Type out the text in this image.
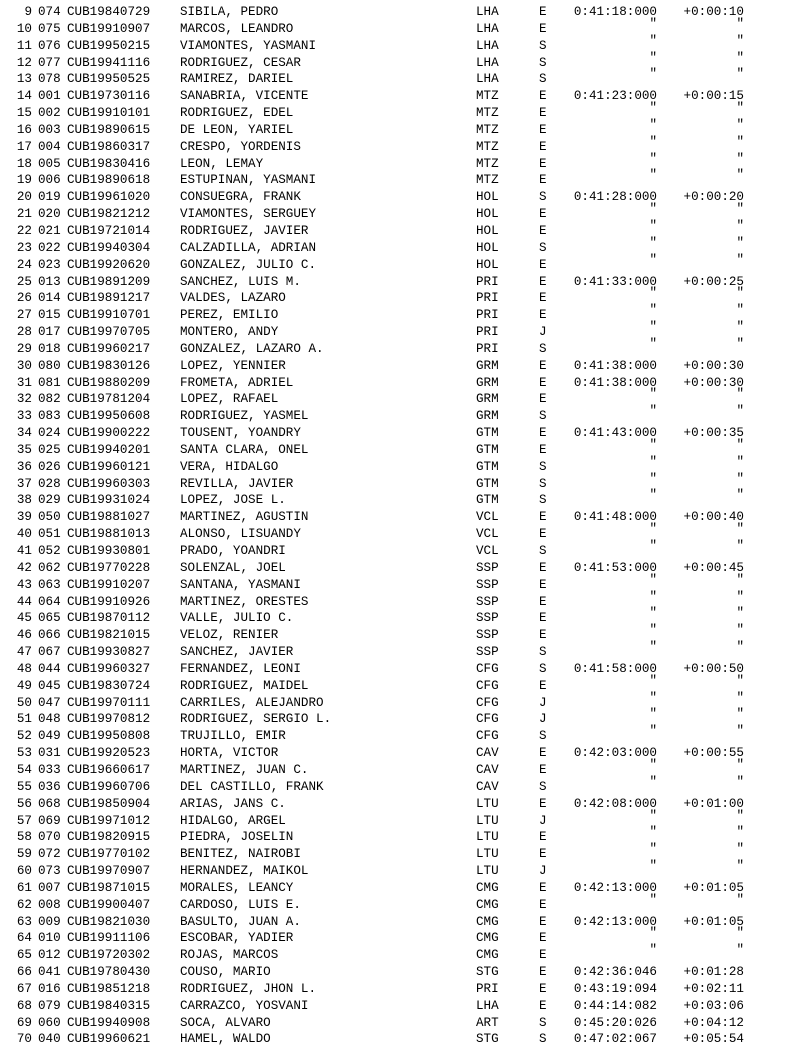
9 074 CUB19840729 SIBILA, PEDRO	LHA	E	0:41:18:000	+0:00:10
10 075 CUB19910907 MARCOS, LEANDRO	LHA	E	"	"
11 076 CUB19950215 VIAMONTES, YASMANI	LHA	S	"	"
12 077 CUB19941116 RODRIGUEZ, CESAR	LHA	S	"	"
13 078 CUB19950525 RAMIREZ, DARIEL	LHA	S	"	"
14 001 CUB19730116 SANABRIA, VICENTE	MTZ	E	0:41:23:000	+0:00:15
15 002 CUB19910101 RODRIGUEZ, EDEL	MTZ	E	"	"
16 003 CUB19890615 DE LEON, YARIEL	MTZ	E	"	"
17 004 CUB19860317 CRESPO, YORDENIS	MTZ	E	"	"
18 005 CUB19830416 LEON, LEMAY	MTZ	E	"	"
19 006 CUB19890618 ESTUPINAN, YASMANI	MTZ	E	"	"
20 019 CUB19961020 CONSUEGRA, FRANK	HOL	S	0:41:28:000	+0:00:20
21 020 CUB19821212 VIAMONTES, SERGUEY	HOL	E	"	"
22 021 CUB19721014 RODRIGUEZ, JAVIER	HOL	E	"	"
23 022 CUB19940304 CALZADILLA, ADRIAN	HOL	S	"	"
24 023 CUB19920620 GONZALEZ, JULIO C.	HOL	E	"	"
25 013 CUB19891209 SANCHEZ, LUIS M.	PRI	E	0:41:33:000	+0:00:25
26 014 CUB19891217 VALDES, LAZARO	PRI	E	"	"
27 015 CUB19910701 PEREZ, EMILIO	PRI	E	"	"
28 017 CUB19970705 MONTERO, ANDY	PRI	J	"	"
29 018 CUB19960217 GONZALEZ, LAZARO A.	PRI	S	"	"
30 080 CUB19830126 LOPEZ, YENNIER	GRM	E	0:41:38:000	+0:00:30
31 081 CUB19880209 FROMETA, ADRIEL	GRM	E	0:41:38:000	+0:00:30
32 082 CUB19781204 LOPEZ, RAFAEL	GRM	E	"	"
33 083 CUB19950608 RODRIGUEZ, YASMEL	GRM	S	"	"
34 024 CUB19900222 TOUSENT, YOANDRY	GTM	E	0:41:43:000	+0:00:35
35 025 CUB19940201 SANTA CLARA, ONEL	GTM	E	"	"
36 026 CUB19960121 VERA, HIDALGO	GTM	S	"	"
37 028 CUB19960303 REVILLA, JAVIER	GTM	S	"	"
38 029 CUB19931024 LOPEZ, JOSE L.	GTM	S	"	"
39 050 CUB19881027 MARTINEZ, AGUSTIN	VCL	E	0:41:48:000	+0:00:40
40 051 CUB19881013 ALONSO, LISUANDY	VCL	E	"	"
41 052 CUB19930801 PRADO, YOANDRI	VCL	S	"	"
42 062 CUB19770228 SOLENZAL, JOEL	SSP	E	0:41:53:000	+0:00:45
43 063 CUB19910207 SANTANA, YASMANI	SSP	E	"	"
44 064 CUB19910926 MARTINEZ, ORESTES	SSP	E	"	"
45 065 CUB19870112 VALLE, JULIO C.	SSP	E	"	"
46 066 CUB19821015 VELOZ, RENIER	SSP	E	"	"
47 067 CUB19930827 SANCHEZ, JAVIER	SSP	S	"	"
48 044 CUB19960327 FERNANDEZ, LEONI	CFG	S	0:41:58:000	+0:00:50
49 045 CUB19830724 RODRIGUEZ, MAIDEL	CFG	E	"	"
50 047 CUB19970111 CARRILES, ALEJANDRO	CFG	J	"	"
51 048 CUB19970812 RODRIGUEZ, SERGIO L.	CFG	J	"	"
52 049 CUB19950808 TRUJILLO, EMIR	CFG	S	"	"
53 031 CUB19920523 HORTA, VICTOR	CAV	E	0:42:03:000	+0:00:55
54 033 CUB19660617 MARTINEZ, JUAN C.	CAV	E	"	"
55 036 CUB19960706 DEL CASTILLO, FRANK	CAV	S	"	"
56 068 CUB19850904 ARIAS, JANS C.	LTU	E	0:42:08:000	+0:01:00
57 069 CUB19971012 HIDALGO, ARGEL	LTU	J	"	"
58 070 CUB19820915 PIEDRA, JOSELIN	LTU	E	"	"
59 072 CUB19770102 BENITEZ, NAIROBI	LTU	E	"	"
60 073 CUB19970907 HERNANDEZ, MAIKOL	LTU	J	"	"
61 007 CUB19871015 MORALES, LEANCY	CMG	E	0:42:13:000	+0:01:05
62 008 CUB19900407 CARDOSO, LUIS E.	CMG	E	"	"
63 009 CUB19821030 BASULTO, JUAN A.	CMG	E	0:42:13:000	+0:01:05
64 010 CUB19911106 ESCOBAR, YADIER	CMG	E	"	"
65 012 CUB19720302 ROJAS, MARCOS	CMG	E	"	"
66 041 CUB19780430 COUSO, MARIO	STG	E	0:42:36:046	+0:01:28
67 016 CUB19851218 RODRIGUEZ, JHON L.	PRI	E	0:43:19:094	+0:02:11
68 079 CUB19840315 CARRAZCO, YOSVANI	LHA	E	0:44:14:082	+0:03:06
69 060 CUB19940908 SOCA, ALVARO	ART	S	0:45:20:026	+0:04:12
70 040 CUB19960621 HAMEL, WALDO	STG	S	0:47:02:067	+0:05:54
